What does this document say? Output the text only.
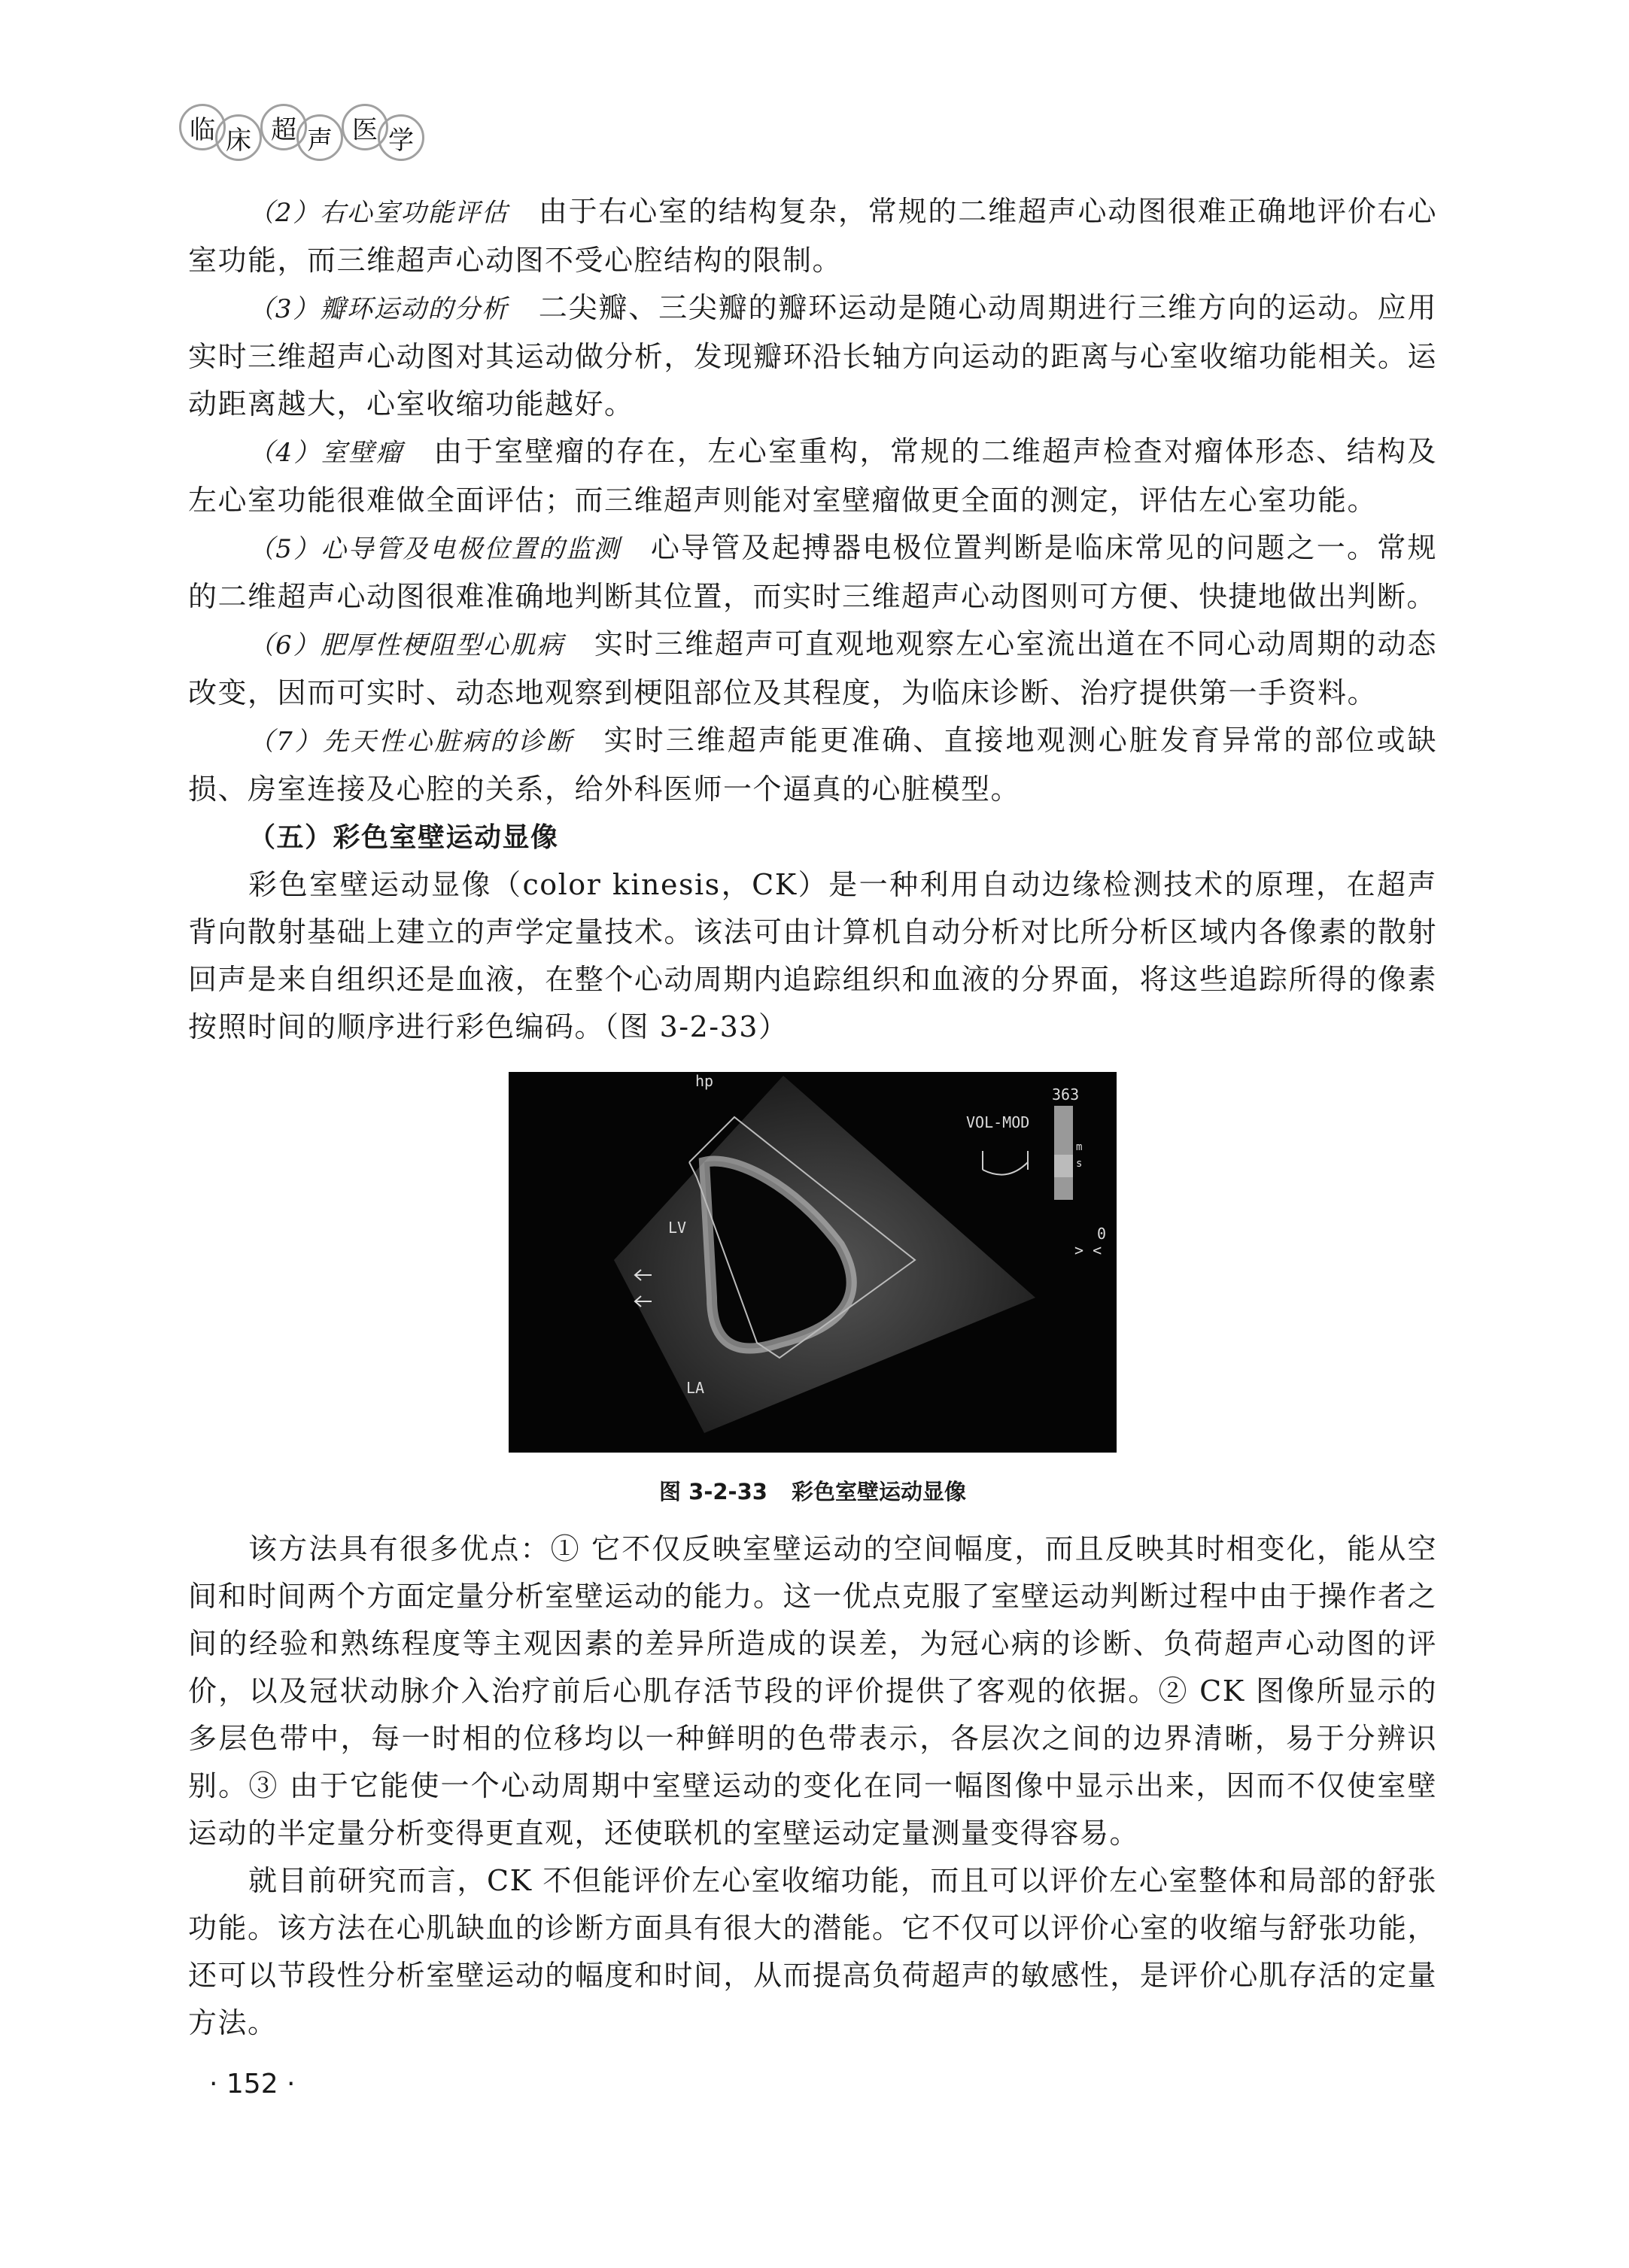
临 床 超 声 医 学

（2）右心室功能评估 由于右心室的结构复杂，常规的二维超声心动图很难正确地评价右心室功能，而三维超声心动图不受心腔结构的限制。

（3）瓣环运动的分析 二尖瓣、三尖瓣的瓣环运动是随心动周期进行三维方向的运动。应用实时三维超声心动图对其运动做分析，发现瓣环沿长轴方向运动的距离与心室收缩功能相关。运动距离越大，心室收缩功能越好。

（4）室壁瘤 由于室壁瘤的存在，左心室重构，常规的二维超声检查对瘤体形态、结构及左心室功能很难做全面评估；而三维超声则能对室壁瘤做更全面的测定，评估左心室功能。

（5）心导管及电极位置的监测 心导管及起搏器电极位置判断是临床常见的问题之一。常规的二维超声心动图很难准确地判断其位置，而实时三维超声心动图则可方便、快捷地做出判断。

（6）肥厚性梗阻型心肌病 实时三维超声可直观地观察左心室流出道在不同心动周期的动态改变，因而可实时、动态地观察到梗阻部位及其程度，为临床诊断、治疗提供第一手资料。

（7）先天性心脏病的诊断 实时三维超声能更准确、直接地观测心脏发育异常的部位或缺损、房室连接及心腔的关系，给外科医师一个逼真的心脏模型。

（五）彩色室壁运动显像

彩色室壁运动显像（color kinesis，CK）是一种利用自动边缘检测技术的原理，在超声背向散射基础上建立的声学定量技术。该法可由计算机自动分析对比所分析区域内各像素的散射回声是来自组织还是血液，在整个心动周期内追踪组织和血液的分界面，将这些追踪所得的像素按照时间的顺序进行彩色编码。（图 3-2-33）

hp
VOL-MOD
363
m
s
0
> <
LV
LA
图 3-2-33 彩色室壁运动显像

该方法具有很多优点：① 它不仅反映室壁运动的空间幅度，而且反映其时相变化，能从空间和时间两个方面定量分析室壁运动的能力。这一优点克服了室壁运动判断过程中由于操作者之间的经验和熟练程度等主观因素的差异所造成的误差，为冠心病的诊断、负荷超声心动图的评价，以及冠状动脉介入治疗前后心肌存活节段的评价提供了客观的依据。② CK 图像所显示的多层色带中，每一时相的位移均以一种鲜明的色带表示，各层次之间的边界清晰，易于分辨识别。③ 由于它能使一个心动周期中室壁运动的变化在同一幅图像中显示出来，因而不仅使室壁运动的半定量分析变得更直观，还使联机的室壁运动定量测量变得容易。

就目前研究而言，CK 不但能评价左心室收缩功能，而且可以评价左心室整体和局部的舒张功能。该方法在心肌缺血的诊断方面具有很大的潜能。它不仅可以评价心室的收缩与舒张功能，还可以节段性分析室壁运动的幅度和时间，从而提高负荷超声的敏感性，是评价心肌存活的定量方法。

· 152 ·
